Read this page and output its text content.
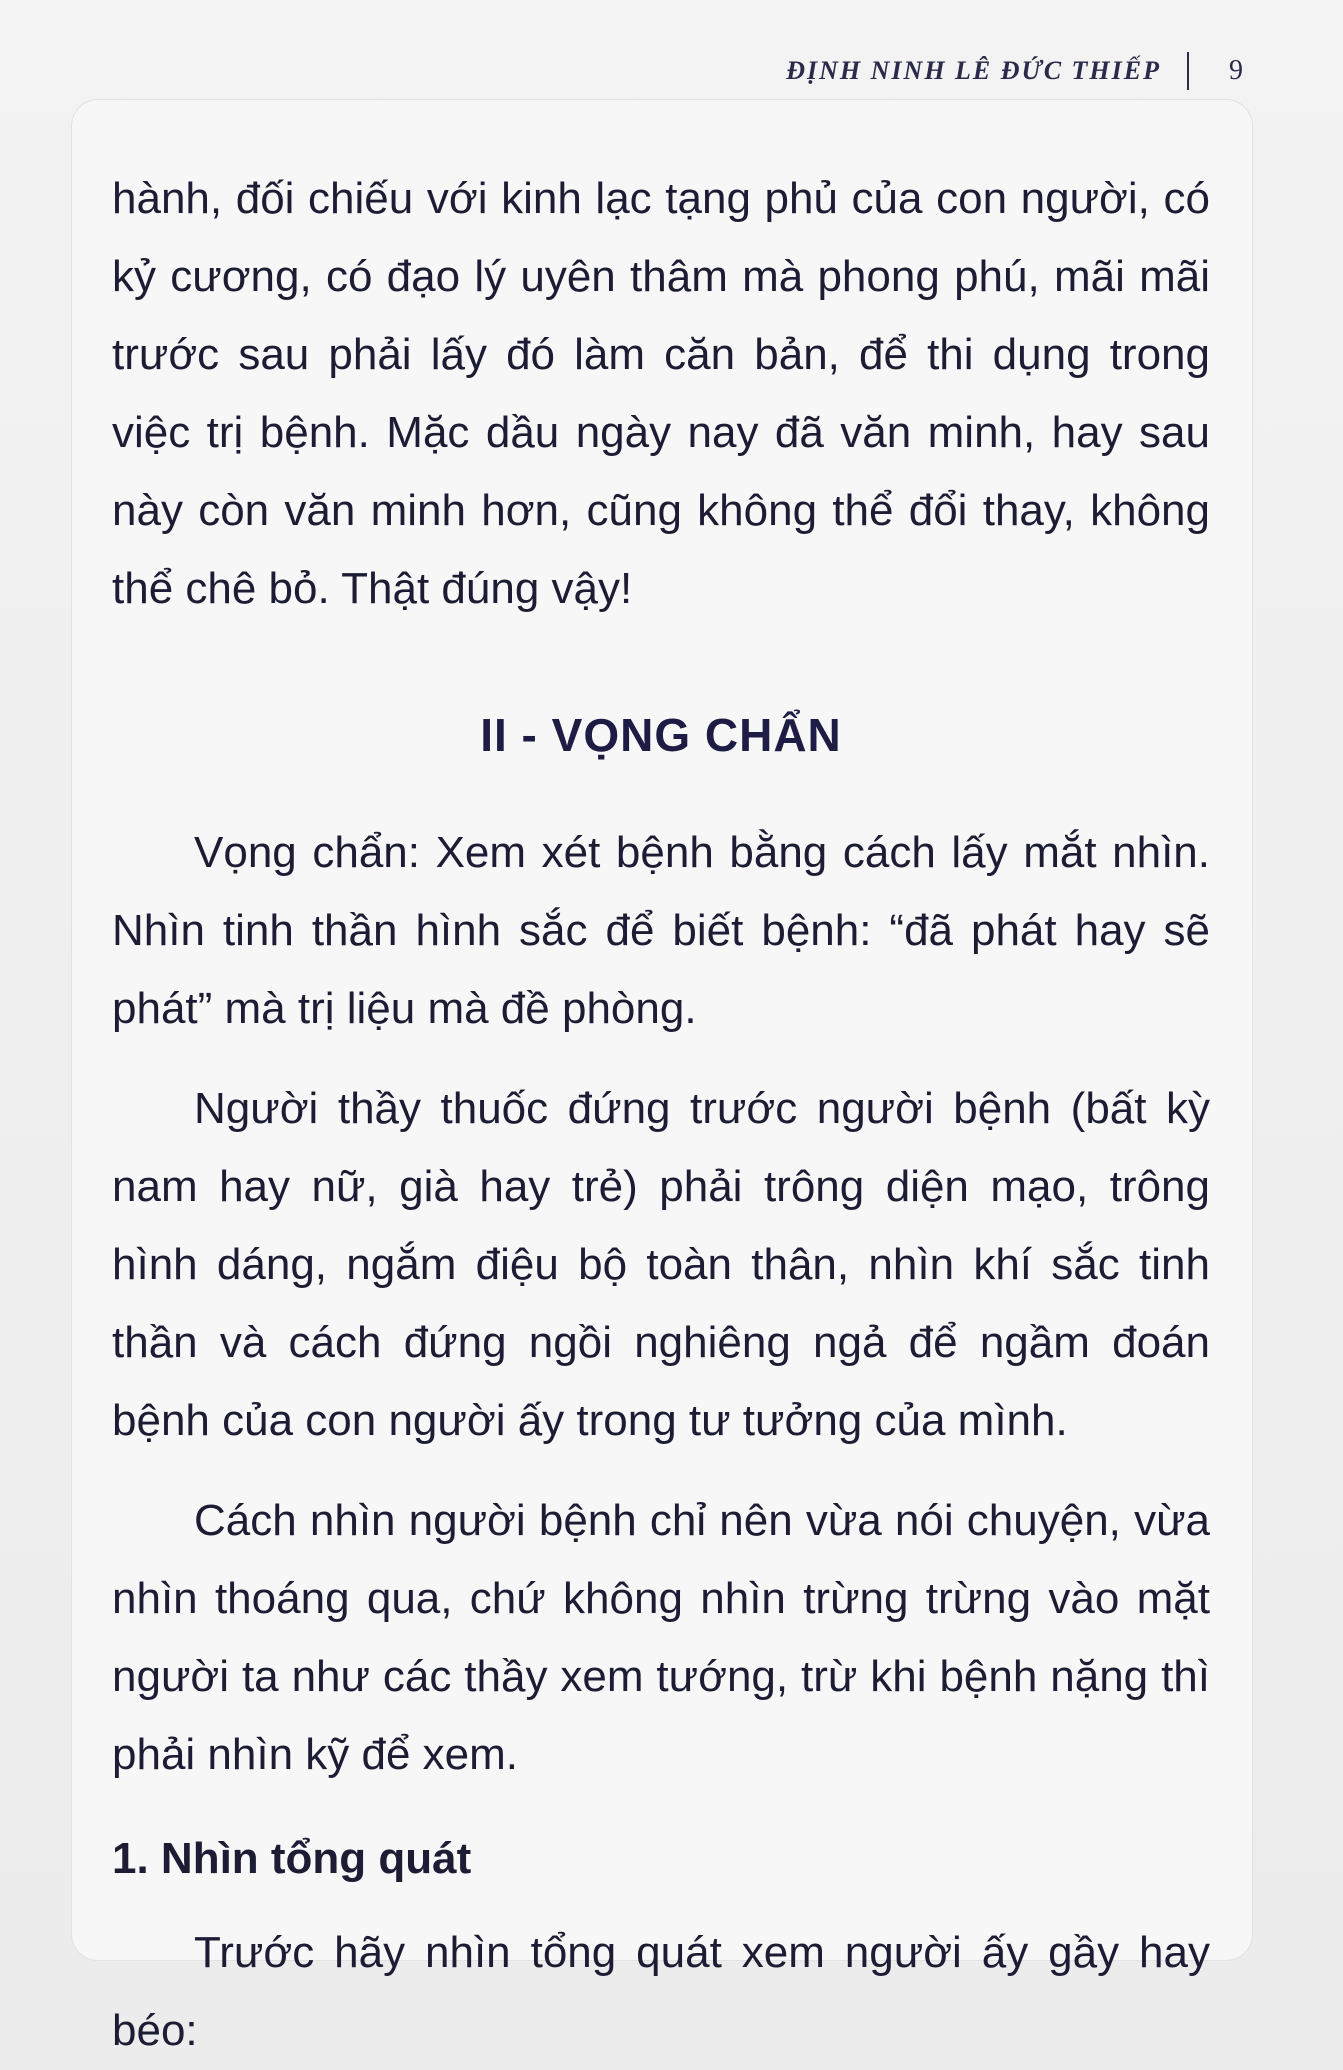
ĐỊNH NINH LÊ ĐỨC THIẾP 9

hành, đối chiếu với kinh lạc tạng phủ của con người, có kỷ cương, có đạo lý uyên thâm mà phong phú, mãi mãi trước sau phải lấy đó làm căn bản, để thi dụng trong việc trị bệnh. Mặc dầu ngày nay đã văn minh, hay sau này còn văn minh hơn, cũng không thể đổi thay, không thể chê bỏ. Thật đúng vậy!

II - VỌNG CHẨN

Vọng chẩn: Xem xét bệnh bằng cách lấy mắt nhìn. Nhìn tinh thần hình sắc để biết bệnh: “đã phát hay sẽ phát” mà trị liệu mà đề phòng.

Người thầy thuốc đứng trước người bệnh (bất kỳ nam hay nữ, già hay trẻ) phải trông diện mạo, trông hình dáng, ngắm điệu bộ toàn thân, nhìn khí sắc tinh thần và cách đứng ngồi nghiêng ngả để ngầm đoán bệnh của con người ấy trong tư tưởng của mình.

Cách nhìn người bệnh chỉ nên vừa nói chuyện, vừa nhìn thoáng qua, chứ không nhìn trừng trừng vào mặt người ta như các thầy xem tướng, trừ khi bệnh nặng thì phải nhìn kỹ để xem.

1. Nhìn tổng quát

Trước hãy nhìn tổng quát xem người ấy gầy hay béo:
